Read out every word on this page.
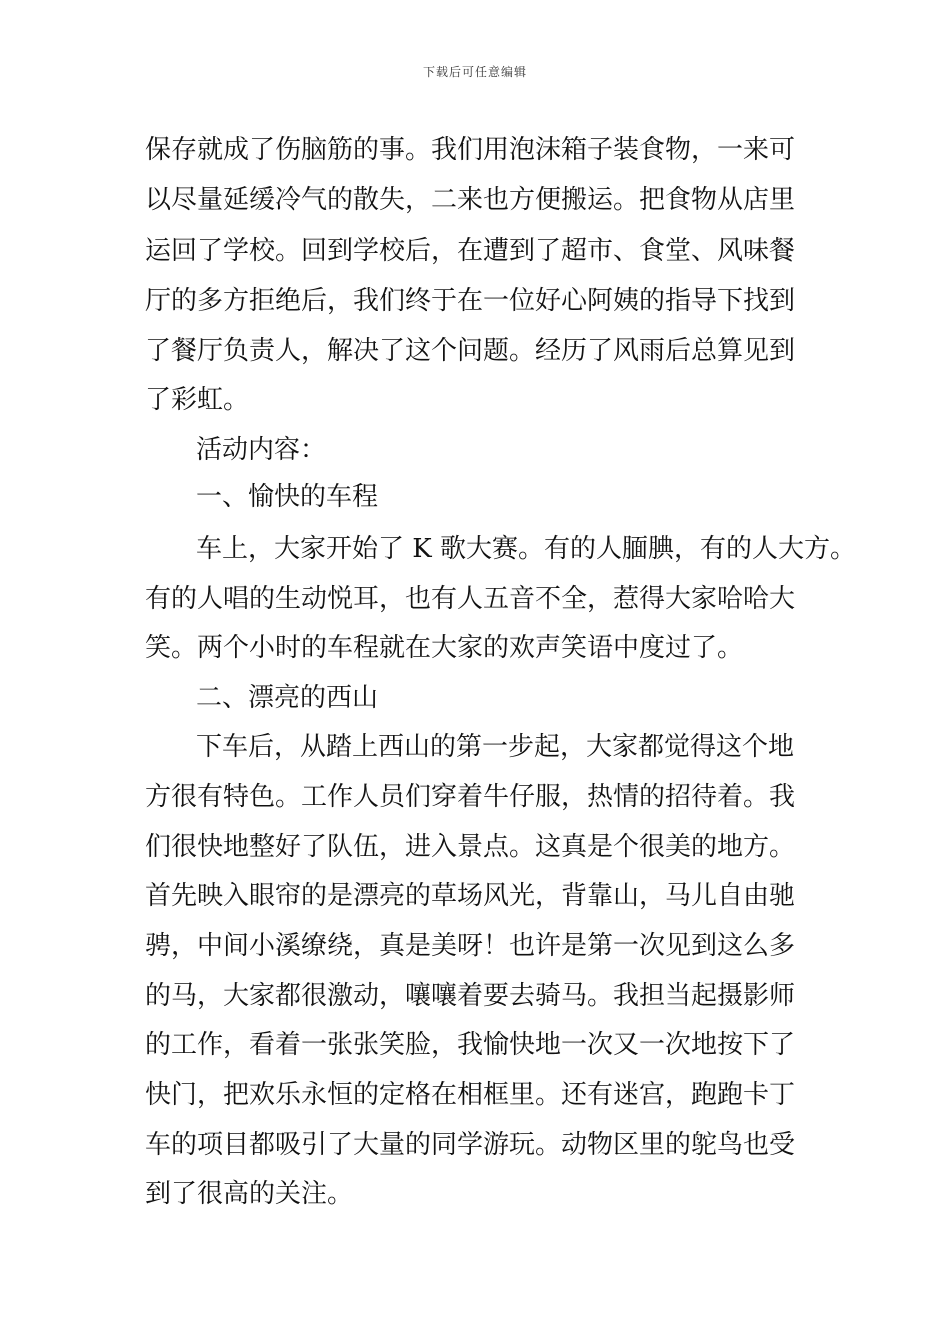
下载后可任意编辑
保存就成了伤脑筋的事。我们用泡沫箱子装食物，一来可
以尽量延缓冷气的散失，二来也方便搬运。把食物从店里
运回了学校。回到学校后，在遭到了超市、食堂、风味餐
厅的多方拒绝后，我们终于在一位好心阿姨的指导下找到
了餐厅负责人，解决了这个问题。经历了风雨后总算见到
了彩虹。
活动内容：
一、愉快的车程
车上，大家开始了 K 歌大赛。有的人腼腆，有的人大方。
有的人唱的生动悦耳，也有人五音不全，惹得大家哈哈大
笑。两个小时的车程就在大家的欢声笑语中度过了。
二、漂亮的西山
下车后，从踏上西山的第一步起，大家都觉得这个地
方很有特色。工作人员们穿着牛仔服，热情的招待着。我
们很快地整好了队伍，进入景点。这真是个很美的地方。
首先映入眼帘的是漂亮的草场风光，背靠山，马儿自由驰
骋，中间小溪缭绕，真是美呀！也许是第一次见到这么多
的马，大家都很激动，嚷嚷着要去骑马。我担当起摄影师
的工作，看着一张张笑脸，我愉快地一次又一次地按下了
快门，把欢乐永恒的定格在相框里。还有迷宫，跑跑卡丁
车的项目都吸引了大量的同学游玩。动物区里的鸵鸟也受
到了很高的关注。
